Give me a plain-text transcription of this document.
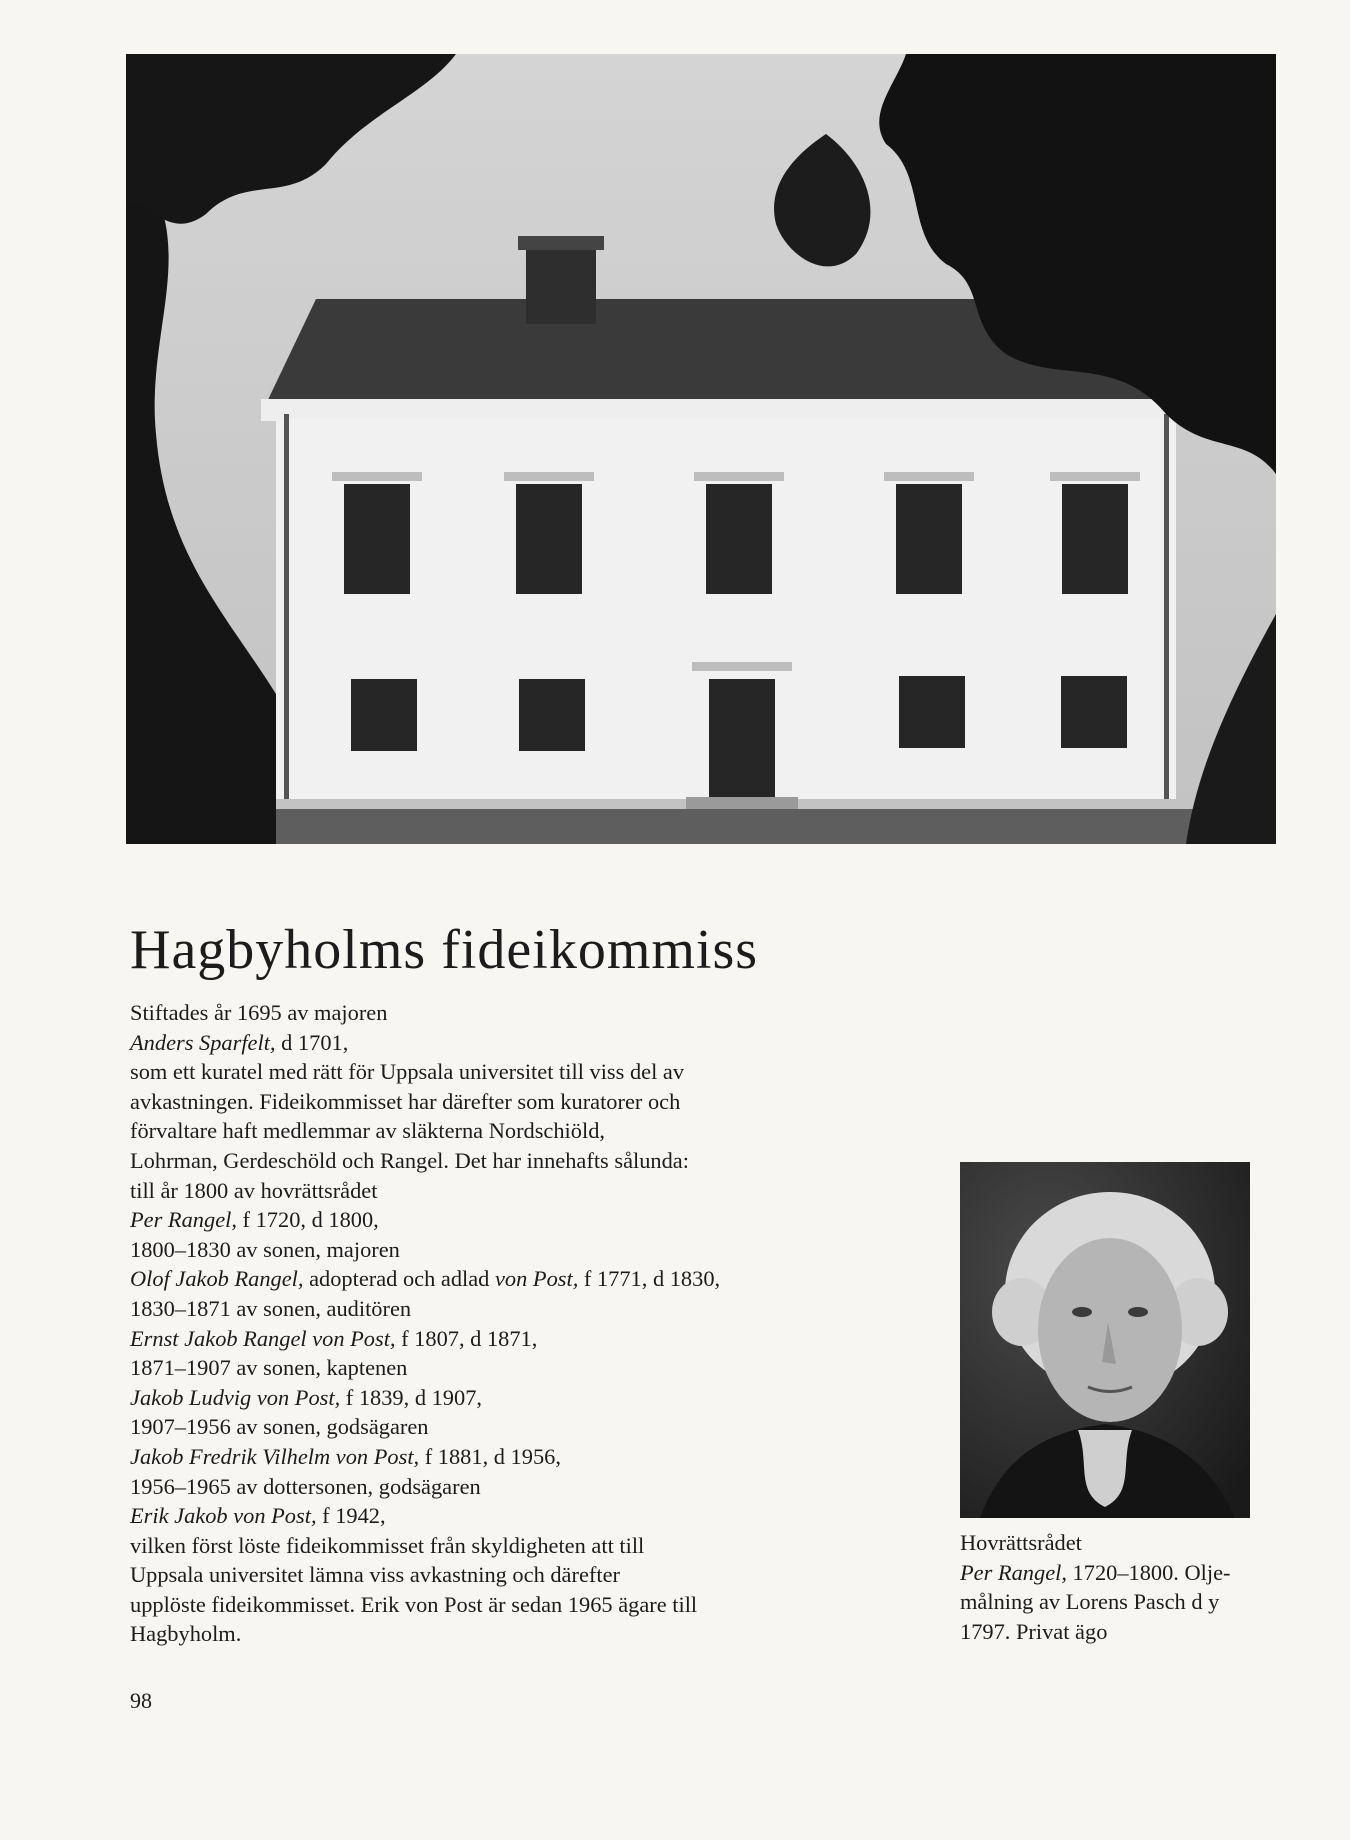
Hagbyholms fideikommiss
Stiftades år 1695 av majoren
Anders Sparfelt, d 1701,
som ett kuratel med rätt för Uppsala universitet till viss del av
avkastningen. Fideikommisset har därefter som kuratorer och
förvaltare haft medlemmar av släkterna Nordschiöld,
Lohrman, Gerdeschöld och Rangel. Det har innehafts sålunda:
till år 1800 av hovrättsrådet
Per Rangel, f 1720, d 1800,
1800–1830 av sonen, majoren
Olof Jakob Rangel, adopterad och adlad von Post, f 1771, d 1830,
1830–1871 av sonen, auditören
Ernst Jakob Rangel von Post, f 1807, d 1871,
1871–1907 av sonen, kaptenen
Jakob Ludvig von Post, f 1839, d 1907,
1907–1956 av sonen, godsägaren
Jakob Fredrik Vilhelm von Post, f 1881, d 1956,
1956–1965 av dottersonen, godsägaren
Erik Jakob von Post, f 1942,
vilken först löste fideikommisset från skyldigheten att till
Uppsala universitet lämna viss avkastning och därefter
upplöste fideikommisset. Erik von Post är sedan 1965 ägare till
Hagbyholm.
Hovrättsrådet
Per Rangel, 1720–1800. Olje-
målning av Lorens Pasch d y
1797. Privat ägo
98
